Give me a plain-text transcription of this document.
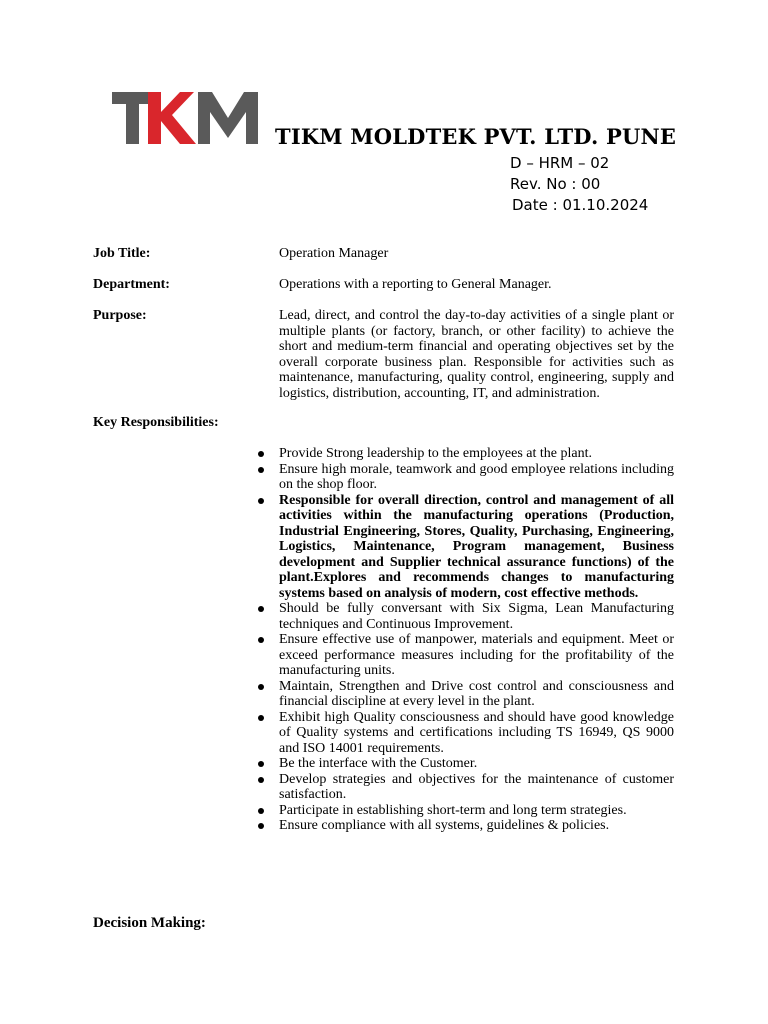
TIKM MOLDTEK PVT. LTD. PUNE
D – HRM – 02
Rev. No : 00
Date : 01.10.2024
Job Title:	Operation Manager
Department:	Operations with a reporting to General Manager.
Purpose:	Lead, direct, and control the day-to-day activities of a single plant or multiple plants (or factory, branch, or other facility) to achieve the short and medium-term financial and operating objectives set by the overall corporate business plan. Responsible for activities such as maintenance, manufacturing, quality control, engineering, supply and logistics, distribution, accounting, IT, and administration.
Key Responsibilities:
Provide Strong leadership to the employees at the plant.
Ensure high morale, teamwork and good employee relations including on the shop floor.
Responsible for overall direction, control and management of all activities within the manufacturing operations (Production, Industrial Engineering, Stores, Quality, Purchasing, Engineering, Logistics, Maintenance, Program management, Business development and Supplier technical assurance functions) of the plant.Explores and recommends changes to manufacturing systems based on analysis of modern, cost effective methods.
Should be fully conversant with Six Sigma, Lean Manufacturing techniques and Continuous Improvement.
Ensure effective use of manpower, materials and equipment. Meet or exceed performance measures including for the profitability of the manufacturing units.
Maintain, Strengthen and Drive cost control and consciousness and financial discipline at every level in the plant.
Exhibit high Quality consciousness and should have good knowledge of Quality systems and certifications including TS 16949, QS 9000 and ISO 14001 requirements.
Be the interface with the Customer.
Develop strategies and objectives for the maintenance of customer satisfaction.
Participate in establishing short-term and long term strategies.
Ensure compliance with all systems, guidelines & policies.
Decision Making:
